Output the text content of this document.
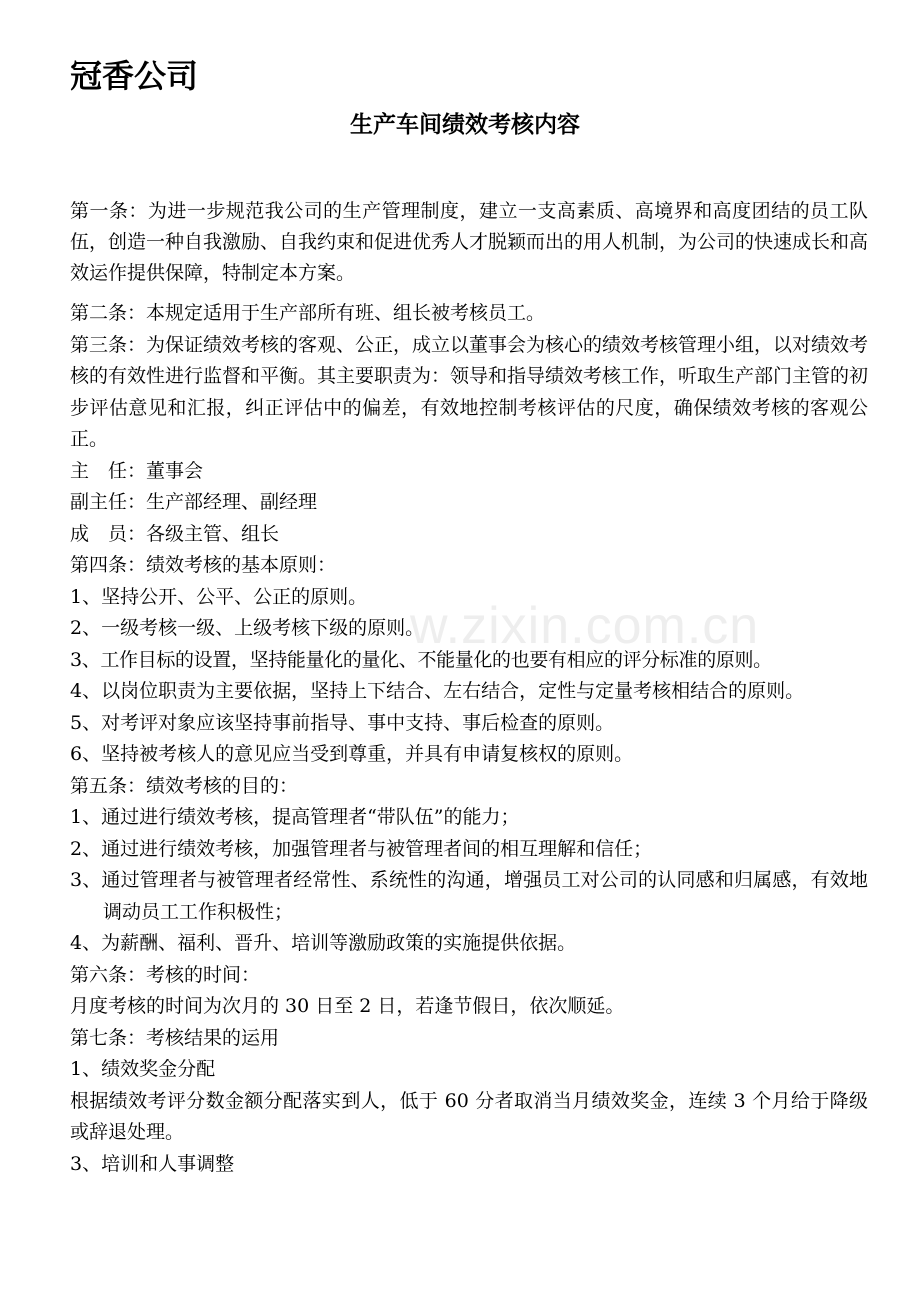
冠香公司
生产车间绩效考核内容
w.zixin.com.cn

第一条：为进一步规范我公司的生产管理制度，建立一支高素质、高境界和高度团结的员工队伍，创造一种自我激励、自我约束和促进优秀人才脱颖而出的用人机制，为公司的快速成长和高效运作提供保障，特制定本方案。

第二条：本规定适用于生产部所有班、组长被考核员工。

第三条：为保证绩效考核的客观、公正，成立以董事会为核心的绩效考核管理小组，以对绩效考核的有效性进行监督和平衡。其主要职责为：领导和指导绩效考核工作，听取生产部门主管的初步评估意见和汇报，纠正评估中的偏差，有效地控制考核评估的尺度，确保绩效考核的客观公正。

主　任：董事会

副主任：生产部经理、副经理

成　员：各级主管、组长

第四条：绩效考核的基本原则：

1、坚持公开、公平、公正的原则。

2、一级考核一级、上级考核下级的原则。

3、工作目标的设置，坚持能量化的量化、不能量化的也要有相应的评分标准的原则。

4、以岗位职责为主要依据，坚持上下结合、左右结合，定性与定量考核相结合的原则。

5、对考评对象应该坚持事前指导、事中支持、事后检查的原则。

6、坚持被考核人的意见应当受到尊重，并具有申请复核权的原则。

第五条：绩效考核的目的：

1、通过进行绩效考核，提高管理者“带队伍”的能力；

2、通过进行绩效考核，加强管理者与被管理者间的相互理解和信任；

3、通过管理者与被管理者经常性、系统性的沟通，增强员工对公司的认同感和归属感，有效地调动员工工作积极性；

4、为薪酬、福利、晋升、培训等激励政策的实施提供依据。

第六条：考核的时间：

月度考核的时间为次月的 30 日至 2 日，若逢节假日，依次顺延。

第七条：考核结果的运用

1、绩效奖金分配

根据绩效考评分数金额分配落实到人，低于 60 分者取消当月绩效奖金，连续 3 个月给于降级或辞退处理。

3、培训和人事调整
